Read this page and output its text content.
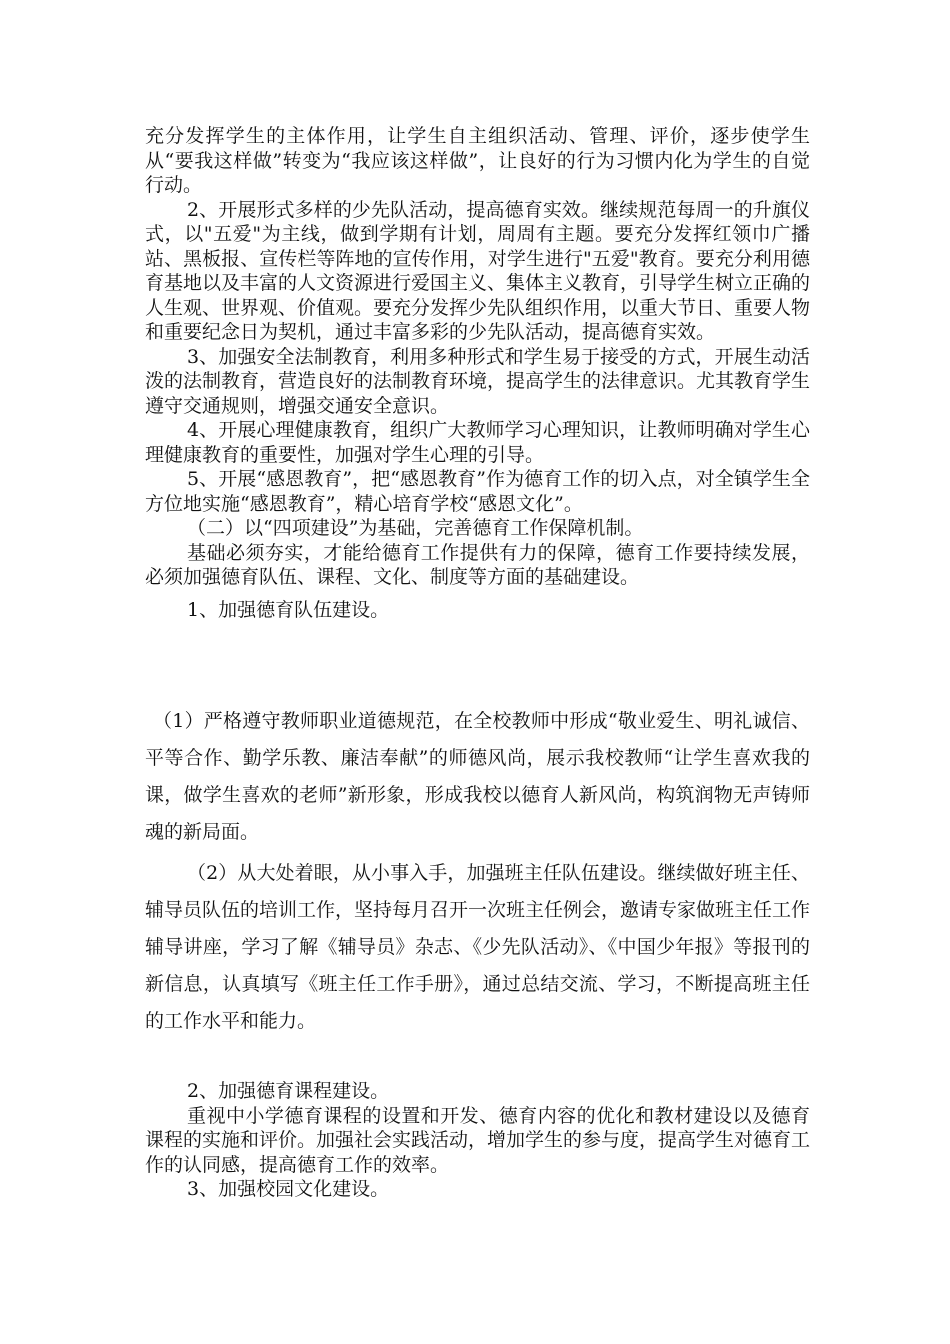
充分发挥学生的主体作用，让学生自主组织活动、管理、评价，逐步使学生从“要我这样做”转变为“我应该这样做”，让良好的行为习惯内化为学生的自觉行动。

2、开展形式多样的少先队活动，提高德育实效。继续规范每周一的升旗仪式，以"五爱"为主线，做到学期有计划，周周有主题。要充分发挥红领巾广播站、黑板报、宣传栏等阵地的宣传作用，对学生进行"五爱"教育。要充分利用德育基地以及丰富的人文资源进行爱国主义、集体主义教育，引导学生树立正确的人生观、世界观、价值观。要充分发挥少先队组织作用，以重大节日、重要人物和重要纪念日为契机，通过丰富多彩的少先队活动，提高德育实效。

3、加强安全法制教育，利用多种形式和学生易于接受的方式，开展生动活泼的法制教育，营造良好的法制教育环境，提高学生的法律意识。尤其教育学生遵守交通规则，增强交通安全意识。

4、开展心理健康教育，组织广大教师学习心理知识，让教师明确对学生心理健康教育的重要性，加强对学生心理的引导。

5、开展“感恩教育”，把“感恩教育”作为德育工作的切入点，对全镇学生全方位地实施“感恩教育”，精心培育学校“感恩文化”。

（二）以“四项建设”为基础，完善德育工作保障机制。

基础必须夯实，才能给德育工作提供有力的保障，德育工作要持续发展，必须加强德育队伍、课程、文化、制度等方面的基础建设。

1、加强德育队伍建设。

（1）严格遵守教师职业道德规范，在全校教师中形成“敬业爱生、明礼诚信、平等合作、勤学乐教、廉洁奉献”的师德风尚，展示我校教师“让学生喜欢我的课，做学生喜欢的老师”新形象，形成我校以德育人新风尚，构筑润物无声铸师魂的新局面。

（2）从大处着眼，从小事入手，加强班主任队伍建设。继续做好班主任、辅导员队伍的培训工作，坚持每月召开一次班主任例会，邀请专家做班主任工作辅导讲座，学习了解《辅导员》杂志、《少先队活动》、《中国少年报》等报刊的新信息，认真填写《班主任工作手册》，通过总结交流、学习，不断提高班主任的工作水平和能力。

2、加强德育课程建设。

重视中小学德育课程的设置和开发、德育内容的优化和教材建设以及德育课程的实施和评价。加强社会实践活动，增加学生的参与度，提高学生对德育工作的认同感，提高德育工作的效率。

3、加强校园文化建设。
